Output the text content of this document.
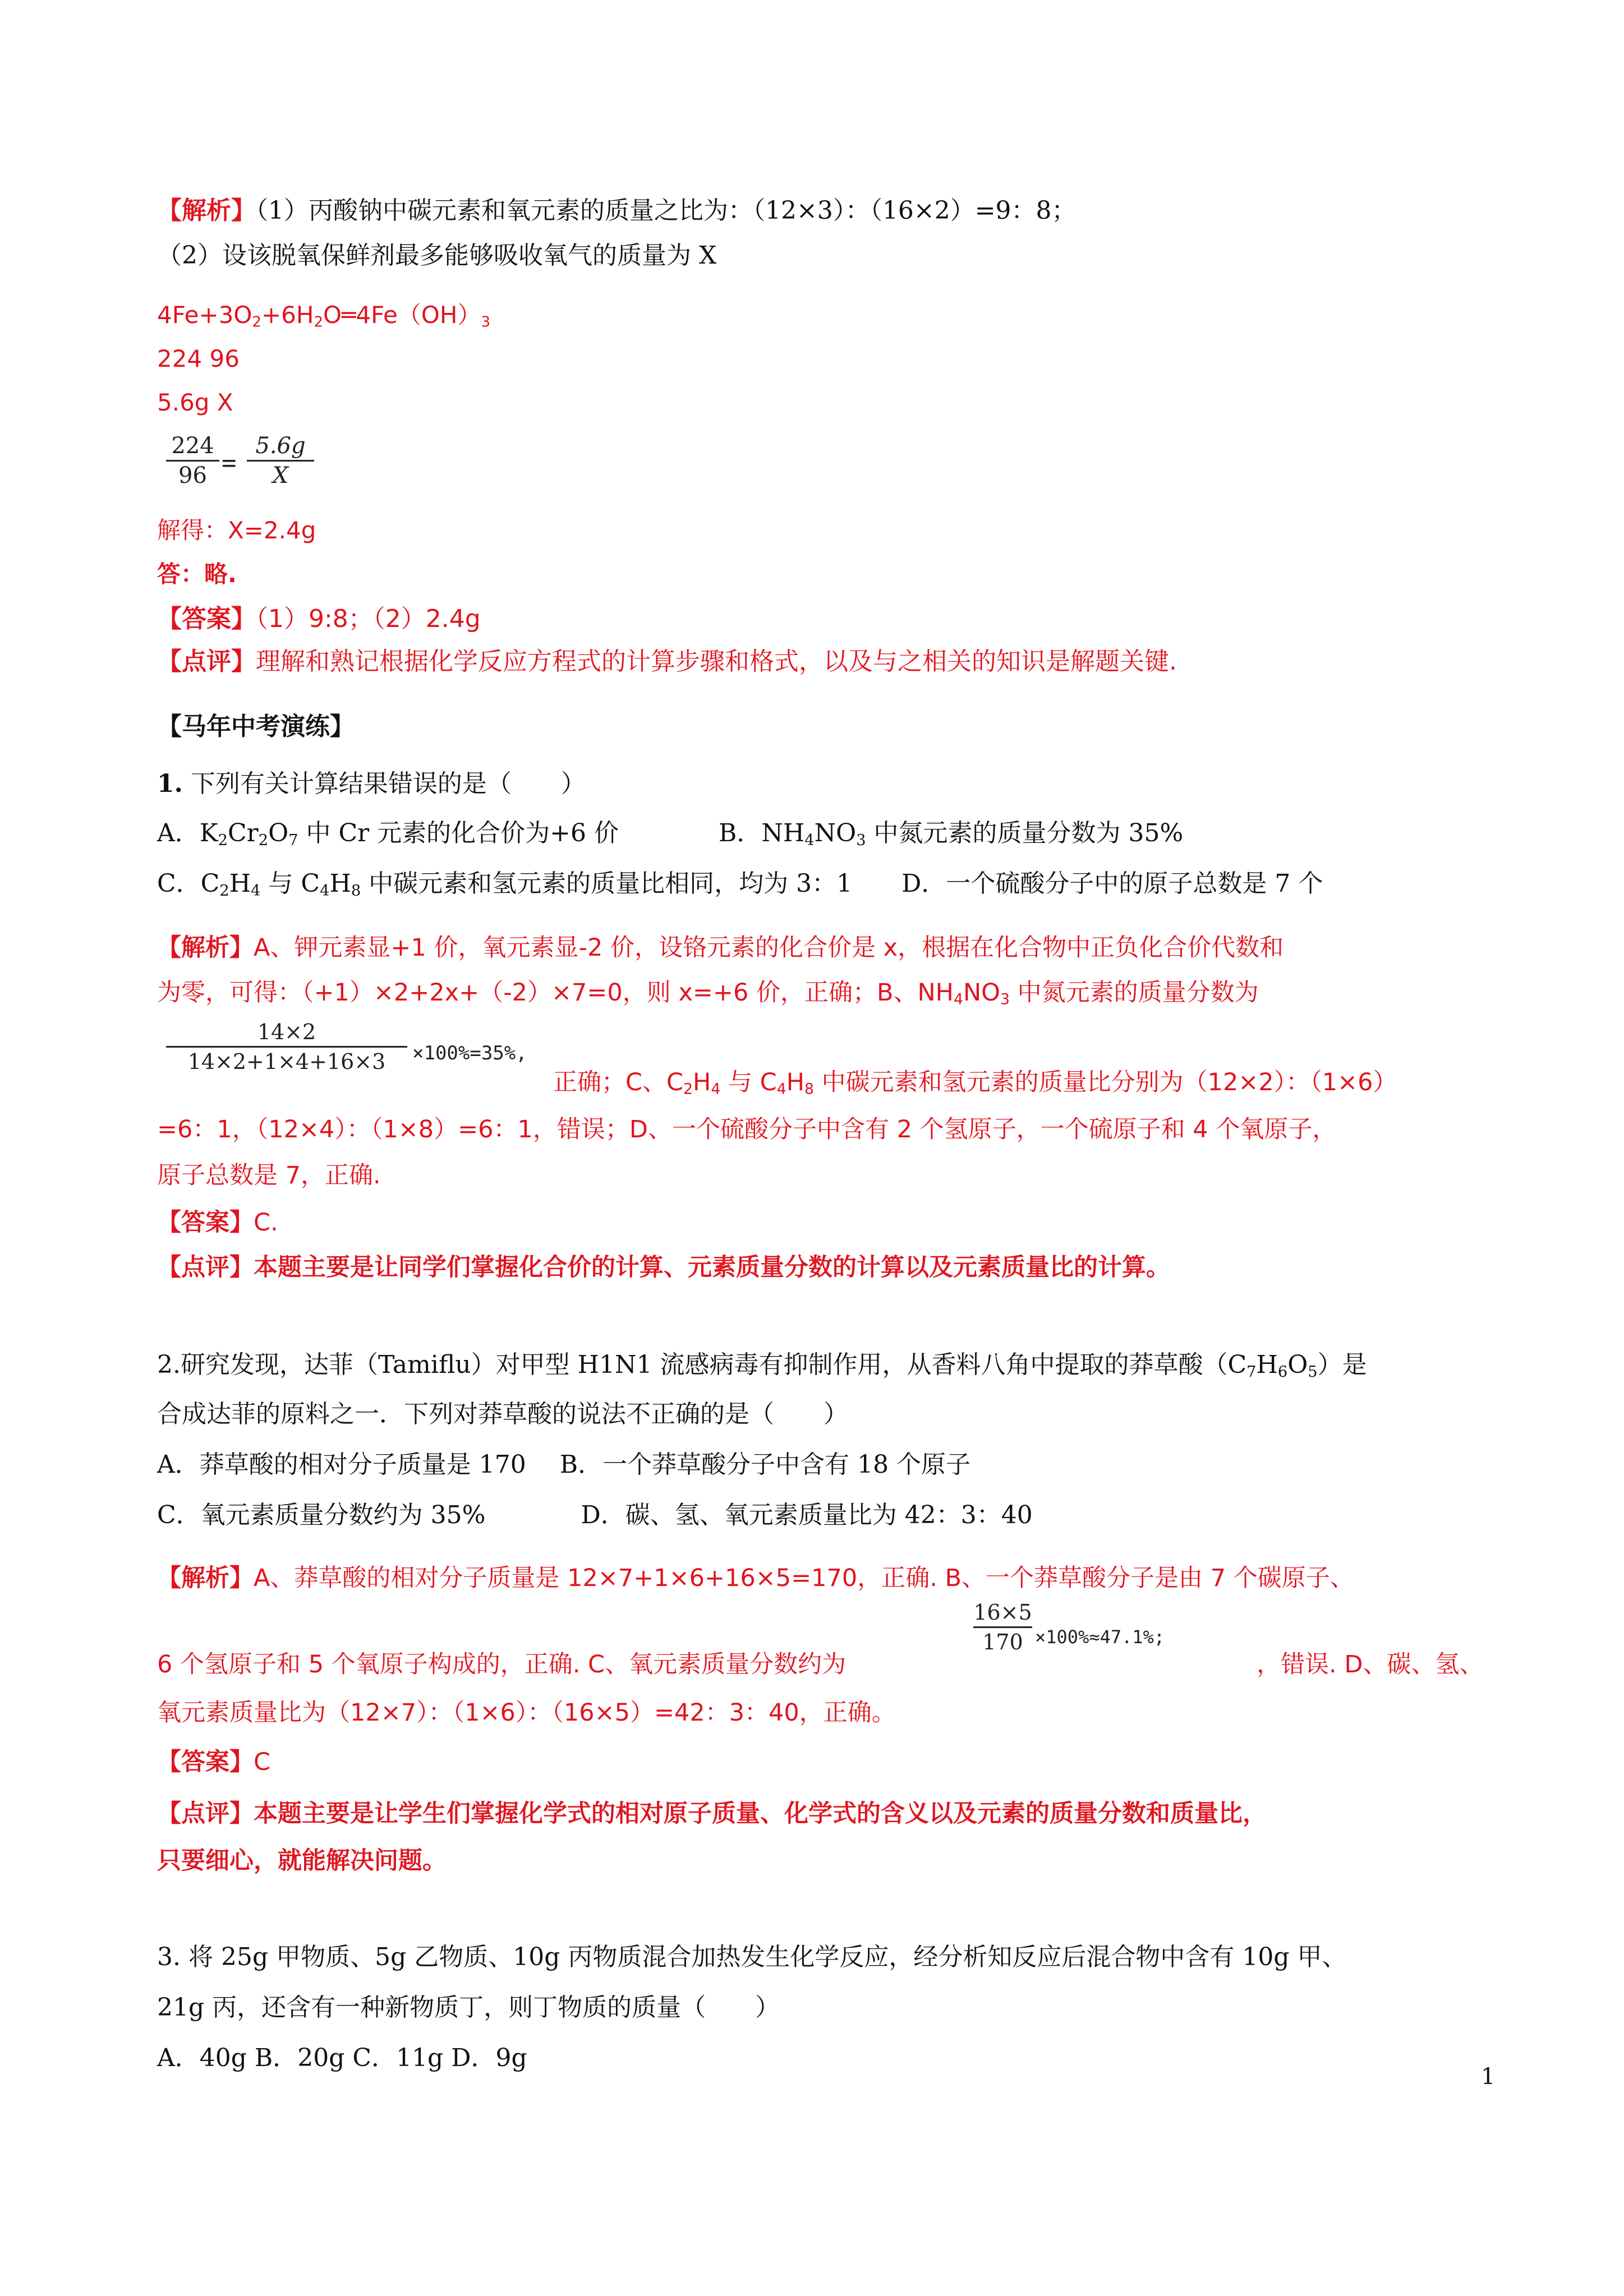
【解析】（1）丙酸钠中碳元素和氧元素的质量之比为：（12×3）：（16×2）=9：8；
（2）设该脱氧保鲜剂最多能够吸收氧气的质量为 X
$4Fe+3O_2+6H_2O═4Fe(OH)_3$
224 96
5.6g X
224
96 =
5.6g
X
解得：X=2.4g
答：略.
【答案】（1）9:8；（2）2.4g
【点评】理解和熟记根据化学反应方程式的计算步骤和格式，以及与之相关的知识是解题关键.
【马年中考演练】
1. 下列有关计算结果错误的是（　　）
A．$K_2Cr_2O_7$ 中 Cr 元素的化合价为+6 价	B．$NH_4NO_3$ 中氮元素的质量分数为 35%
C．$C_2H_4$ 与 $C_4H_8$ 中碳元素和氢元素的质量比相同，均为 3：1 D．一个硫酸分子中的原子总数是 7 个
【解析】A、钾元素显+1 价，氧元素显-2 价，设铬元素的化合价是 x，根据在化合物中正负化合价代数和
为零，可得：（+1）×2+2x+（-2）×7=0，则 x=+6 价，正确；B、$NH_4NO_3$ 中氮元素的质量分数为
14×2
14×2+1×4+16×3	×100%=35%,
正确；C、$C_2H_4$ 与 $C_4H_8$ 中碳元素和氢元素的质量比分别为（12×2）：（1×6）
=6：1，（12×4）：（1×8）=6：1，错误；D、一个硫酸分子中含有 2 个氢原子，一个硫原子和 4 个氧原子，
原子总数是 7，正确.
【答案】C.
【点评】本题主要是让同学们掌握化合价的计算、元素质量分数的计算以及元素质量比的计算。
2.研究发现，达菲（Tamiflu）对甲型 H1N1 流感病毒有抑制作用，从香料八角中提取的莽草酸$(C_7H_6O_5)$是
合成达菲的原料之一．下列对莽草酸的说法不正确的是（　　）
A．莽草酸的相对分子质量是 170 B．一个莽草酸分子中含有 18 个原子
C．氧元素质量分数约为 35%	D．碳、氢、氧元素质量比为 42：3：40
【解析】A、莽草酸的相对分子质量是 12×7+1×6+16×5=170，正确. B、一个莽草酸分子是由 7 个碳原子、
6 个氢原子和 5 个氧原子构成的，正确. C、氧元素质量分数约为
16×5
170 ×100%≈47.1%;
，错误. D、碳、氢、
氧元素质量比为（12×7）：（1×6）：（16×5）=42：3：40，正确。
【答案】C
【点评】本题主要是让学生们掌握化学式的相对原子质量、化学式的含义以及元素的质量分数和质量比，
只要细心，就能解决问题。
3. 将 25g 甲物质、5g 乙物质、10g 丙物质混合加热发生化学反应，经分析知反应后混合物中含有 10g 甲、
21g 丙，还含有一种新物质丁，则丁物质的质量（　　）
A．40g B．20g C．11g D．9g
1
